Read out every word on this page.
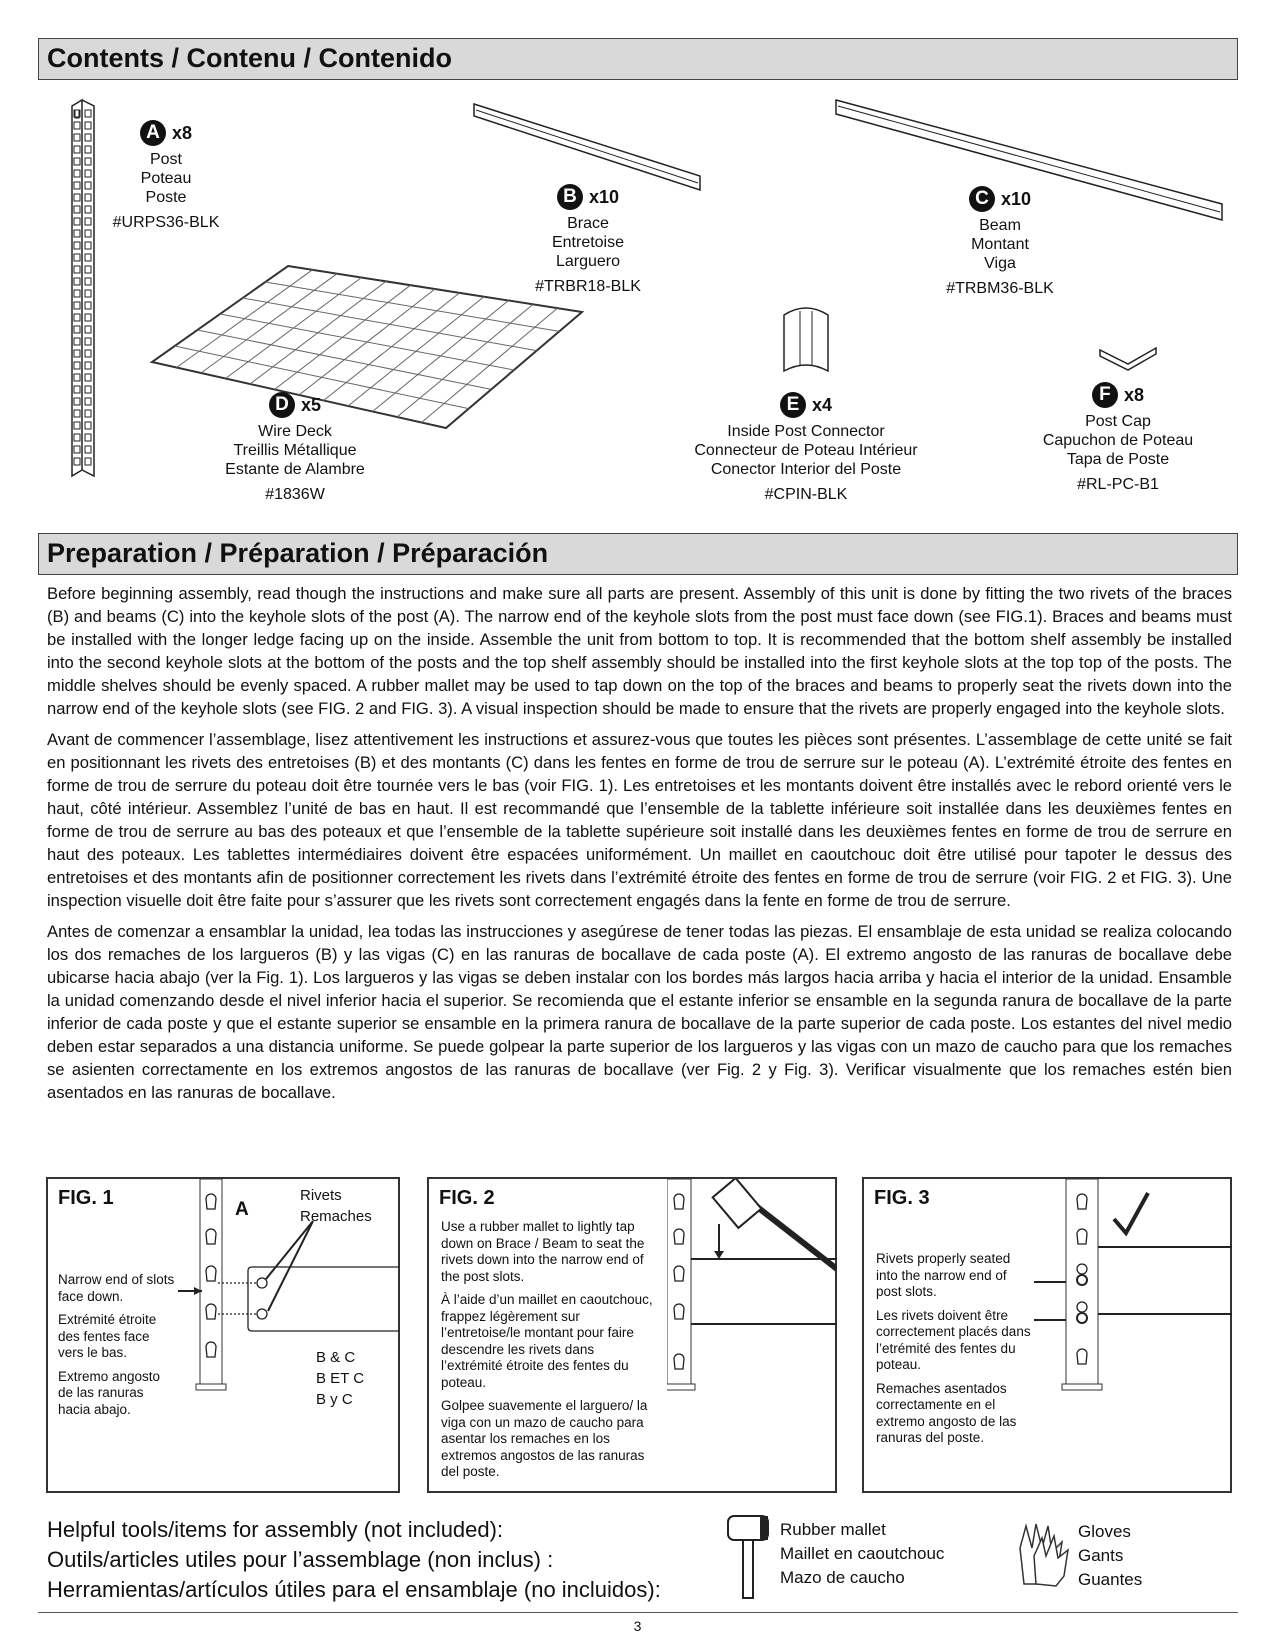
Contents / Contenu / Contenido
A x8
Post
Poteau
Poste
#URPS36-BLK
B x10
Brace
Entretoise
Larguero
#TRBR18-BLK
C x10
Beam
Montant
Viga
#TRBM36-BLK
D x5
Wire Deck
Treillis Métallique
Estante de Alambre
#1836W
E x4
Inside Post Connector
Connecteur de Poteau Intérieur
Conector Interior del Poste
#CPIN-BLK
F x8
Post Cap
Capuchon de Poteau
Tapa de Poste
#RL-PC-B1
Preparation / Préparation / Préparación

Before beginning assembly, read though the instructions and make sure all parts are present. Assembly of this unit is done by fitting the two rivets of the braces (B) and beams (C) into the keyhole slots of the post (A). The narrow end of the keyhole slots from the post must face down (see FIG.1). Braces and beams must be installed with the longer ledge facing up on the inside. Assemble the unit from bottom to top. It is recommended that the bottom shelf assembly be installed into the second keyhole slots at the bottom of the posts and the top shelf assembly should be installed into the first keyhole slots at the top top of the posts. The middle shelves should be evenly spaced. A rubber mallet may be used to tap down on the top of the braces and beams to properly seat the rivets down into the narrow end of the keyhole slots (see FIG. 2 and FIG. 3). A visual inspection should be made to ensure that the rivets are properly engaged into the keyhole slots.

Avant de commencer l’assemblage, lisez attentivement les instructions et assurez-vous que toutes les pièces sont présentes. L’assemblage de cette unité se fait en positionnant les rivets des entretoises (B) et des montants (C) dans les fentes en forme de trou de serrure sur le poteau (A). L’extrémité étroite des fentes en forme de trou de serrure du poteau doit être tournée vers le bas (voir FIG. 1). Les entretoises et les montants doivent être installés avec le rebord orienté vers le haut, côté intérieur. Assemblez l’unité de bas en haut. Il est recommandé que l’ensemble de la tablette inférieure soit installée dans les deuxièmes fentes en forme de trou de serrure au bas des poteaux et que l’ensemble de la tablette supérieure soit installé dans les deuxièmes fentes en forme de trou de serrure en haut des poteaux. Les tablettes intermédiaires doivent être espacées uniformément. Un maillet en caoutchouc doit être utilisé pour tapoter le dessus des entretoises et des montants afin de positionner correctement les rivets dans l’extrémité étroite des fentes en forme de trou de serrure (voir FIG. 2 et FIG. 3). Une inspection visuelle doit être faite pour s’assurer que les rivets sont correctement engagés dans la fente en forme de trou de serrure.

Antes de comenzar a ensamblar la unidad, lea todas las instrucciones y asegúrese de tener todas las piezas. El ensamblaje de esta unidad se realiza colocando los dos remaches de los largueros (B) y las vigas (C) en las ranuras de bocallave de cada poste (A). El extremo angosto de las ranuras de bocallave debe ubicarse hacia abajo (ver la Fig. 1). Los largueros y las vigas se deben instalar con los bordes más largos hacia arriba y hacia el interior de la unidad. Ensamble la unidad comenzando desde el nivel inferior hacia el superior. Se recomienda que el estante inferior se ensamble en la segunda ranura de bocallave de la parte inferior de cada poste y que el estante superior se ensamble en la primera ranura de bocallave de la parte superior de cada poste. Los estantes del nivel medio deben estar separados a una distancia uniforme. Se puede golpear la parte superior de los largueros y las vigas con un mazo de caucho para que los remaches se asienten correctamente en los extremos angostos de las ranuras de bocallave (ver Fig. 2 y Fig. 3). Verificar visualmente que los remaches estén bien asentados en las ranuras de bocallave.

FIG. 1

Narrow end of slots face down.

Extrémité étroite des fentes face vers le bas.

Extremo angosto de las ranuras hacia abajo.

A
Rivets
Remaches
B & C
B ET C
B y C
FIG. 2

Use a rubber mallet to lightly tap down on Brace / Beam to seat the rivets down into the narrow end of the post slots.

À l’aide d’un maillet en caoutchouc, frappez légèrement sur l’entretoise/le montant pour faire descendre les rivets dans l’extrémité étroite des fentes du poteau.

Golpee suavemente el larguero/ la viga con un mazo de caucho para asentar los remaches en los extremos angostos de las ranuras del poste.

FIG. 3

Rivets properly seated into the narrow end of post slots.

Les rivets doivent être correctement placés dans l’etrémité des fentes du poteau.

Remaches asentados correctamente en el extremo angosto de las ranuras del poste.

Helpful tools/items for assembly (not included):
Outils/articles utiles pour l’assemblage (non inclus) :
Herramientas/artículos útiles para el ensamblaje (no incluidos):
Rubber mallet
Maillet en caoutchouc
Mazo de caucho
Gloves
Gants
Guantes
3
